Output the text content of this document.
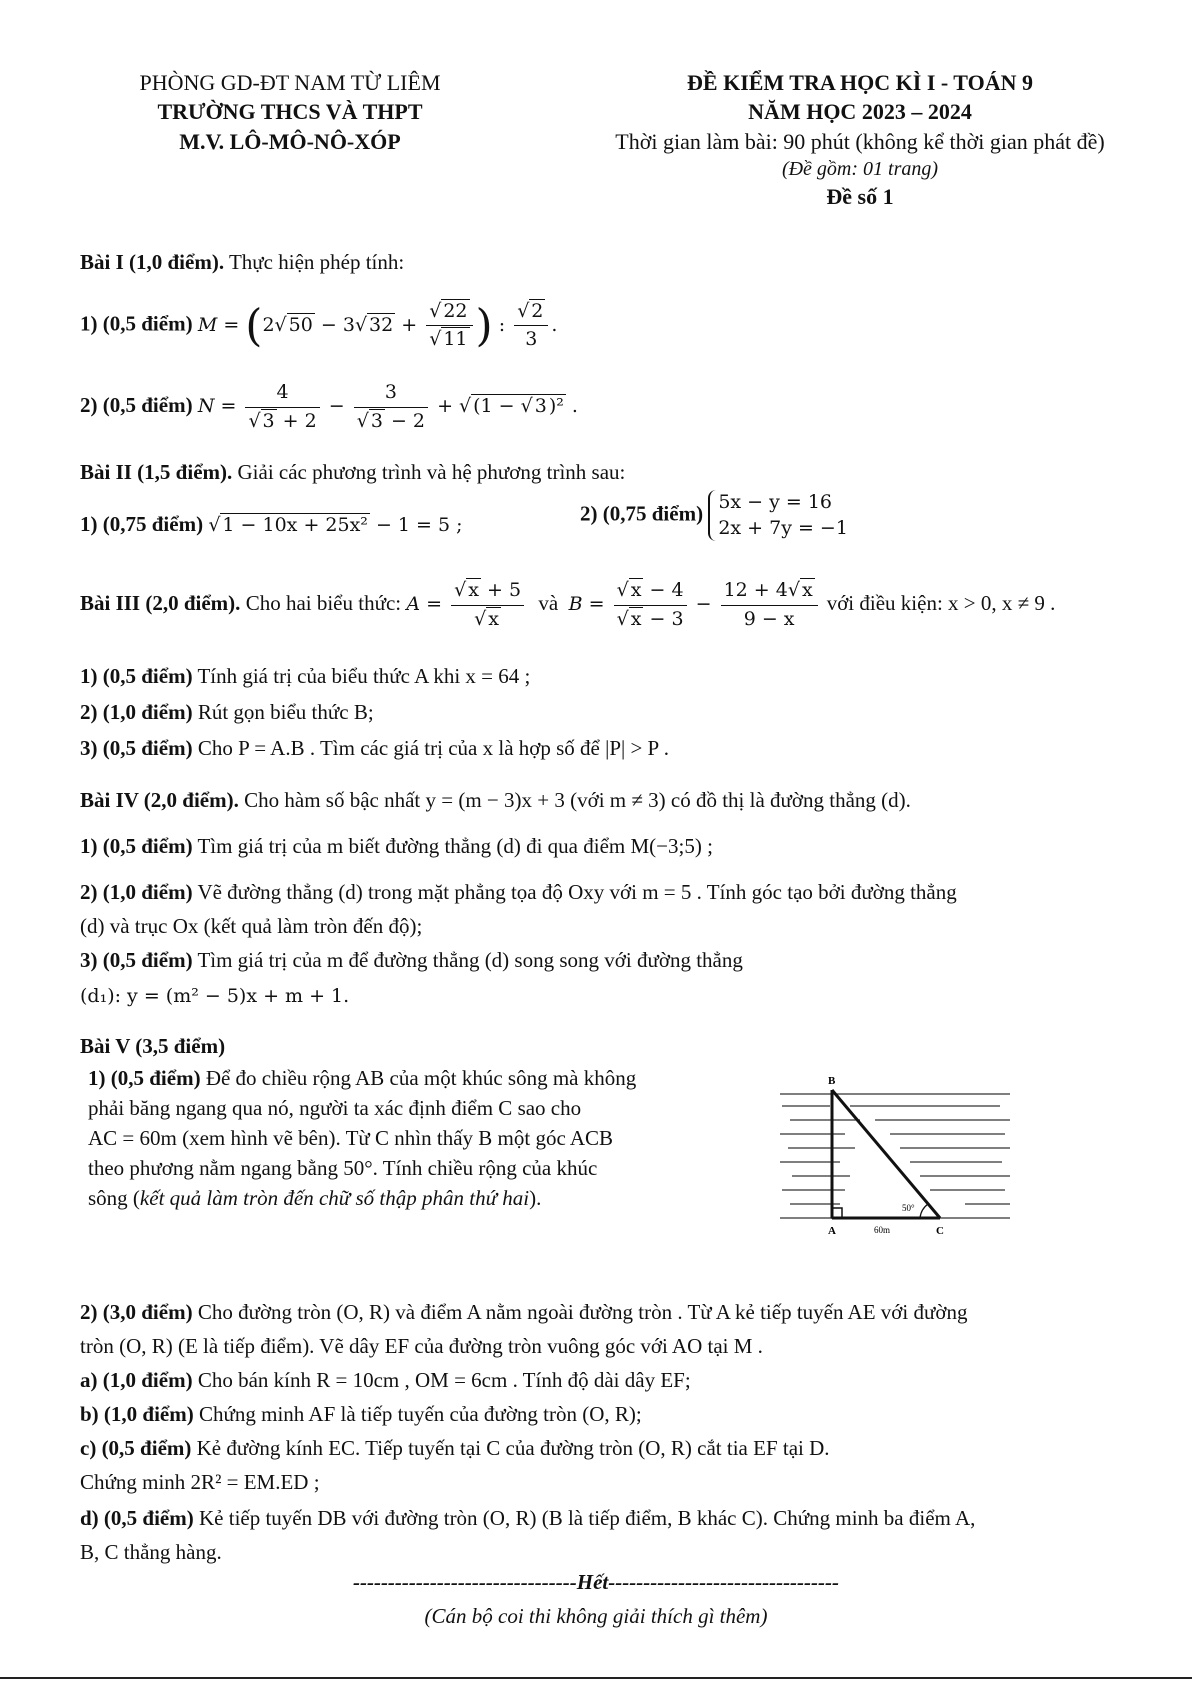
PHÒNG GD-ĐT NAM TỪ LIÊM
TRƯỜNG THCS VÀ THPT
M.V. LÔ-MÔ-NÔ-XÓP
ĐỀ KIỂM TRA HỌC KÌ I - TOÁN 9
NĂM HỌC 2023 – 2024
Thời gian làm bài: 90 phút (không kể thời gian phát đề)
(Đề gồm: 01 trang)
Đề số 1
Bài I (1,0 điểm). Thực hiện phép tính:
1) (0,5 điểm) M = (2√ 50 − 3√ $32 + \frac{√ 22}{√ 11}$ ) : $\frac{√ 2}{3}$ .
2) (0,5 điểm) $N = \frac{4}{√ 3 + 2} - \frac{3}{√ 3 - 2}$ + √ (1 − √ 3 )² .
Bài II (1,5 điểm). Giải các phương trình và hệ phương trình sau:
1) (0,75 điểm) √ 1 − 10x + 25x² − 1 = 5 ;	2) (0,75 điểm) 5x − y = 16
2x + 7y = −1
Bài III (2,0 điểm). Cho hai biểu thức: $A = \frac{√ x + 5}{√ x}$ và  $B = \frac{√ x - 4}{√ x - 3} - \frac{12 + 4√ x}{9 - x}$ với điều kiện: x > 0, x ≠ 9 .
1) (0,5 điểm) Tính giá trị của biểu thức A khi x = 64 ;
2) (1,0 điểm) Rút gọn biểu thức B;
3) (0,5 điểm) Cho P = A.B . Tìm các giá trị của x là hợp số để |P| > P .
Bài IV (2,0 điểm). Cho hàm số bậc nhất y = (m − 3)x + 3 (với m ≠ 3) có đồ thị là đường thẳng (d).
1) (0,5 điểm) Tìm giá trị của m biết đường thẳng (d) đi qua điểm M(−3;5) ;
2) (1,0 điểm) Vẽ đường thẳng (d) trong mặt phẳng tọa độ Oxy với m = 5 . Tính góc tạo bởi đường thẳng
(d) và trục Ox (kết quả làm tròn đến độ);
3) (0,5 điểm) Tìm giá trị của m để đường thẳng (d) song song với đường thẳng
(d₁): y = (m² − 5)x + m + 1.
Bài V (3,5 điểm)
1) (0,5 điểm) Để đo chiều rộng AB của một khúc sông mà không
phải băng ngang qua nó, người ta xác định điểm C sao cho
AC = 60m (xem hình vẽ bên). Từ C nhìn thấy B một góc ACB
theo phương nằm ngang bằng 50°. Tính chiều rộng của khúc
sông (kết quả làm tròn đến chữ số thập phân thứ hai).
2) (3,0 điểm) Cho đường tròn (O, R) và điểm A nằm ngoài đường tròn . Từ A kẻ tiếp tuyến AE với đường
tròn (O, R) (E là tiếp điểm). Vẽ dây EF của đường tròn vuông góc với AO tại M .
a) (1,0 điểm) Cho bán kính R = 10cm , OM = 6cm . Tính độ dài dây EF;
b) (1,0 điểm) Chứng minh AF là tiếp tuyến của đường tròn (O, R);
c) (0,5 điểm) Kẻ đường kính EC. Tiếp tuyến tại C của đường tròn (O, R) cắt tia EF tại D.
Chứng minh 2R² = EM.ED ;
d) (0,5 điểm) Kẻ tiếp tuyến DB với đường tròn (O, R) (B là tiếp điểm, B khác C). Chứng minh ba điểm A,
B, C thẳng hàng.
B
A	C
60m
50°
--------------------------------Hết---------------------------------
(Cán bộ coi thi không giải thích gì thêm)
